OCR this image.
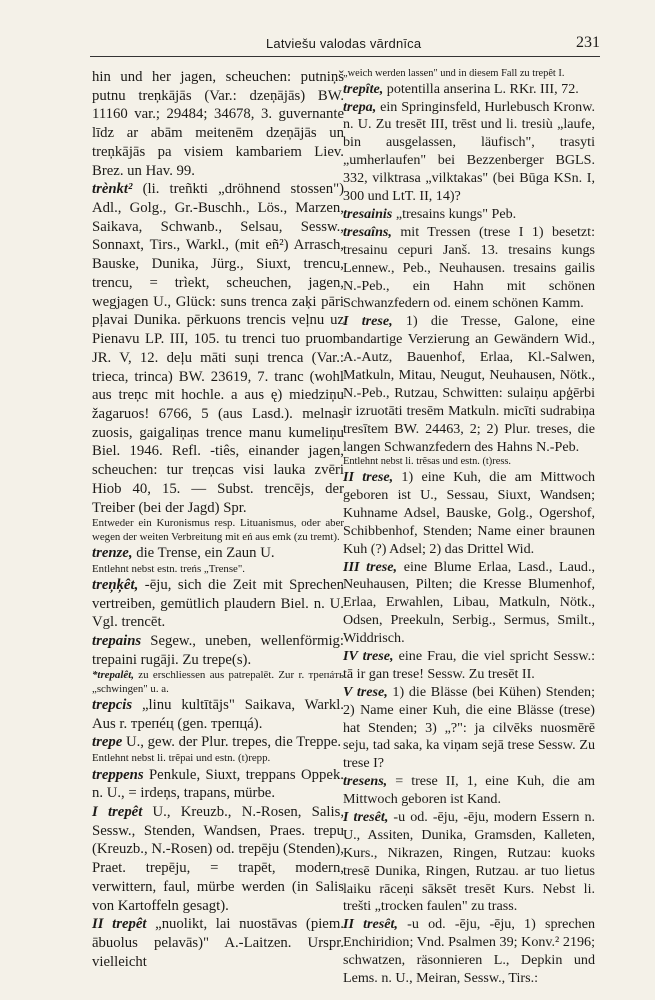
Latviešu valodas vārdnīca	231

hin und her jagen, scheuchen: putniņš putnu treņkājās (Var.: dzeņājās) BW. 11160 var.; 29484; 34678, 3. guvernante līdz ar abām meitenēm dzeņājās un treņkājās pa visiem kambariem Liev. Brez. un Hav. 99.

trènkt² (li. treñkti „dröhnend stossen") Adl., Golg., Gr.-Buschh., Lös., Marzen, Saikava, Schwanb., Selsau, Sessw., Sonnaxt, Tirs., Warkl., (mit eñ²) Arrasch, Bauske, Dunika, Jürg., Siuxt, trencu, trencu, = trìekt, scheuchen, jagen, wegjagen U., Glück: suns trenca zaķi pāri pļavai Dunika. pērkuons trencis veļnu uz Pienavu LP. III, 105. tu trenci tuo pruom JR. V, 12. deļu māti suņi trenca (Var.: trieca, trinca) BW. 23619, 7. tranc (wohl aus treņc mit hochle. a aus ę) miedziņu žagaruos! 6766, 5 (aus Lasd.). melnas zuosis, gaigaliņas trence manu kumeliņu Biel. 1946. Refl. -tiês, einander jagen, scheuchen: tur treņcas visi lauka zvēri Hiob 40, 15. — Subst. trencējs, der Treiber (bei der Jagd) Spr.

Entweder ein Kuronismus resp. Lituanismus, oder aber wegen der weiten Verbreitung mit eń aus emk (zu tremt).

trenze, die Trense, ein Zaun U.

Entlehnt nebst estn. treńs „Trense".

treņķêt, -ēju, sich die Zeit mit Sprechen vertreiben, gemütlich plaudern Biel. n. U. Vgl. trencēt.

trepains Segew., uneben, wellenförmig: trepaini rugāji. Zu trepe(s).

*trepalêt, zu erschliessen aus patrepalēt. Zur r. трепáть „schwingen" u. a.

trepcis „linu kultītājs" Saikava, Warkl. Aus r. трепéц (gen. трепцá).

trepe U., gew. der Plur. trepes, die Treppe.

Entlehnt nebst li. trẽpai und estn. (t)repp.

treppens Penkule, Siuxt, treppans Oppek. n. U., = irdeņs, trapans, mürbe.

I trepêt U., Kreuzb., N.-Rosen, Salis, Sessw., Stenden, Wandsen, Praes. trepu (Kreuzb., N.-Rosen) od. trepēju (Stenden), Praet. trepēju, = trapēt, modern, verwittern, faul, mürbe werden (in Salis von Kartoffeln gesagt).

II trepêt „nuolikt, lai nuostāvas (piem. ābuolus pelavās)" A.-Laitzen. Urspr. vielleicht

„weich werden lassen" und in diesem Fall zu trepêt I.

trepîte, potentilla anserina L. RKr. III, 72.

trepa, ein Springinsfeld, Hurlebusch Kronw. n. U. Zu tresēt III, trēst und li. tresiù „laufe, bin ausgelassen, läufisch", trasyti „umherlaufen" bei Bezzenberger BGLS. 332, vilktrasa „vilktakas" (bei Būga KSn. I, 300 und LtT. II, 14)?

tresainis „tresains kungs" Peb.

tresaîns, mit Tressen (trese I 1) besetzt: tresainu cepuri Janš. 13. tresains kungs Lennew., Peb., Neuhausen. tresains gailis N.-Peb., ein Hahn mit schönen Schwanzfedern od. einem schönen Kamm.

I trese, 1) die Tresse, Galone, eine bandartige Verzierung an Gewändern Wid., A.-Autz, Bauenhof, Erlaa, Kl.-Salwen, Matkuln, Mitau, Neugut, Neuhausen, Nötk., N.-Peb., Rutzau, Schwitten: sulaiņu apģērbi ir izruotāti tresēm Matkuln. micīti sudrabiņa tresītem BW. 24463, 2; 2) Plur. treses, die langen Schwanzfedern des Hahns N.-Peb.

Entlehnt nebst li. trẽsas und estn. (t)ress.

II trese, 1) eine Kuh, die am Mittwoch geboren ist U., Sessau, Siuxt, Wandsen; Kuhname Adsel, Bauske, Golg., Ogershof, Schibbenhof, Stenden; Name einer braunen Kuh (?) Adsel; 2) das Drittel Wid.

III trese, eine Blume Erlaa, Lasd., Laud., Neuhausen, Pilten; die Kresse Blumenhof, Erlaa, Erwahlen, Libau, Matkuln, Nötk., Odsen, Preekuln, Serbig., Sermus, Smilt., Widdrisch.

IV trese, eine Frau, die viel spricht Sessw.: tā ir gan trese! Sessw. Zu tresēt II.

V trese, 1) die Blässe (bei Kühen) Stenden; 2) Name einer Kuh, die eine Blässe (trese) hat Stenden; 3) „?": ja cilvēks nuosmērē seju, tad saka, ka viņam sejā trese Sessw. Zu trese I?

tresens, = trese II, 1, eine Kuh, die am Mittwoch geboren ist Kand.

I tresêt, -u od. -ēju, -ēju, modern Essern n. U., Assiten, Dunika, Gramsden, Kalleten, Kurs., Nikrazen, Ringen, Rutzau: kuoks tresē Dunika, Ringen, Rutzau. ar tuo lietus laiku rāceņi sāksēt tresēt Kurs. Nebst li. trešti „trocken faulen" zu trass.

II tresêt, -u od. -ēju, -ēju, 1) sprechen Enchiridion; Vnd. Psalmen 39; Konv.² 2196; schwatzen, räsonnieren L., Depkin und Lems. n. U., Meiran, Sessw., Tirs.:
